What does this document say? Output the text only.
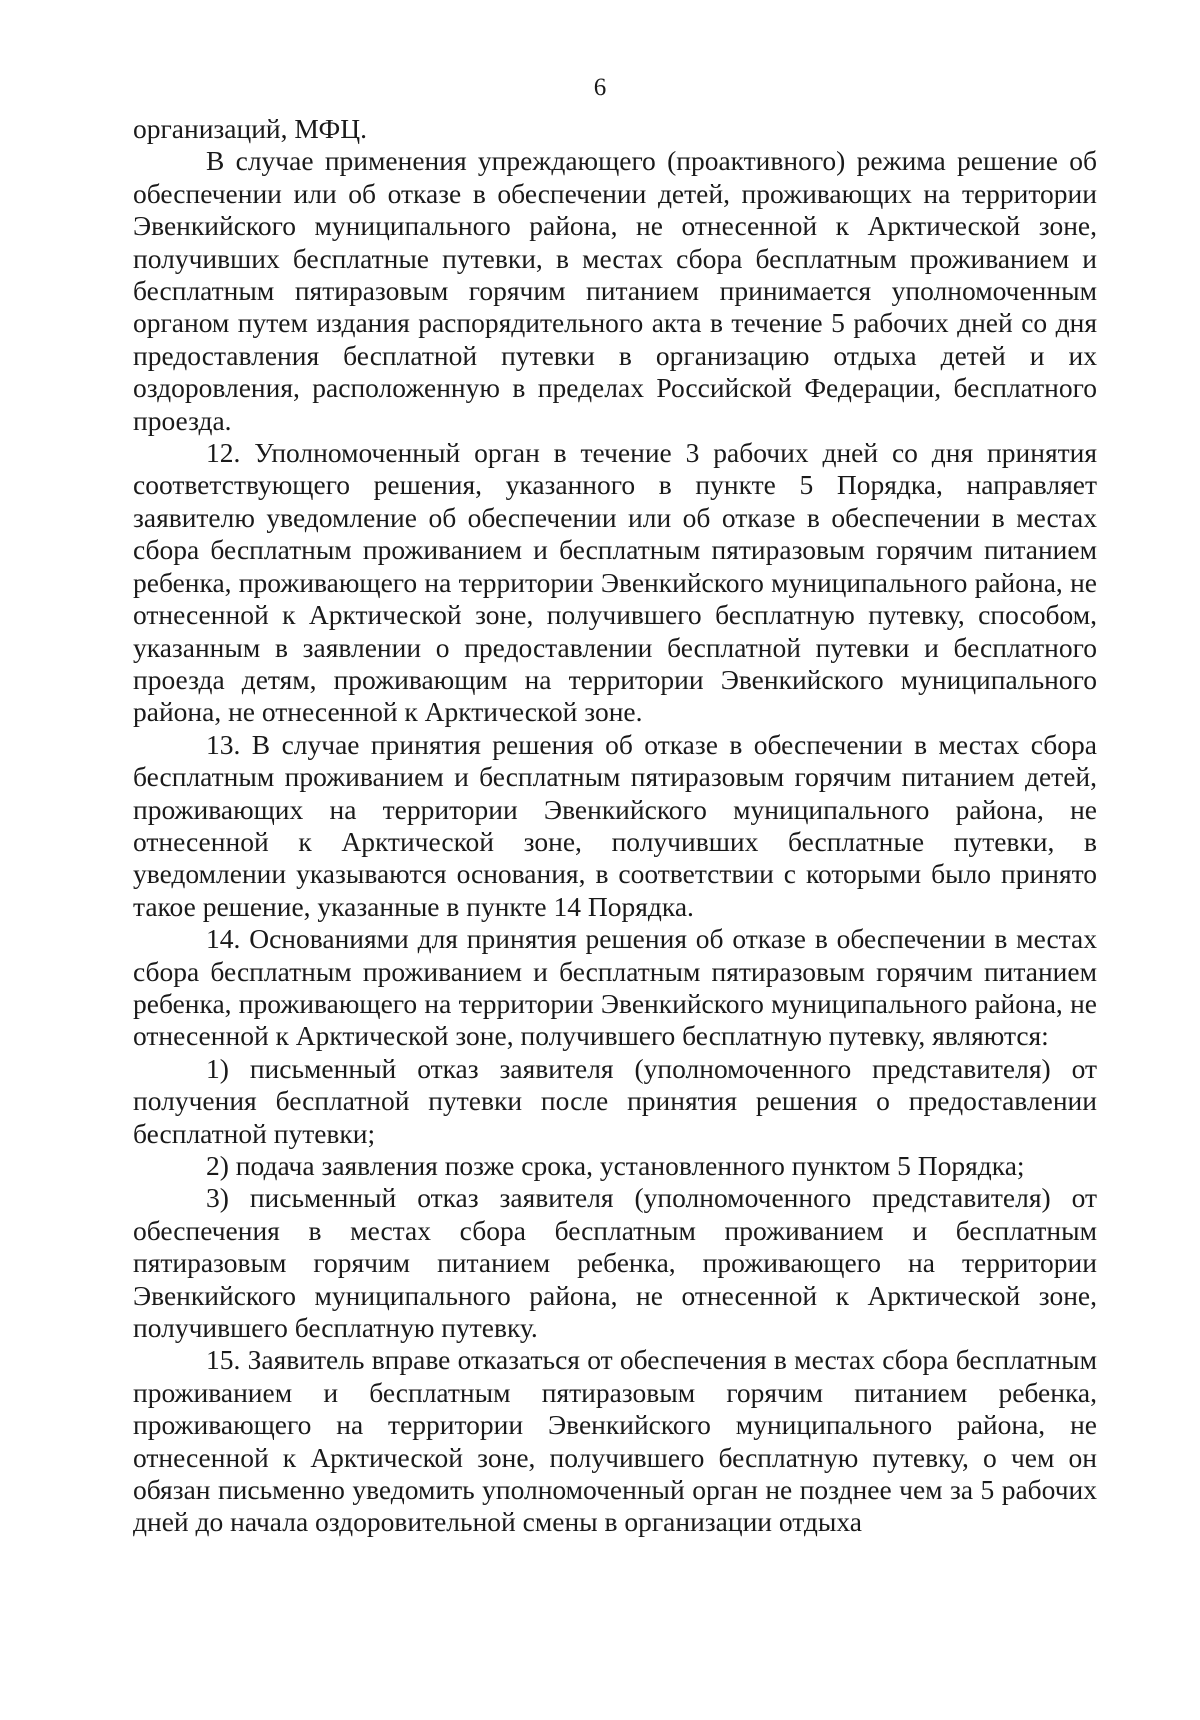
6

организаций, МФЦ.

В случае применения упреждающего (проактивного) режима решение об обеспечении или об отказе в обеспечении детей, проживающих на территории Эвенкийского муниципального района, не отнесенной к Арктической зоне, получивших бесплатные путевки, в местах сбора бесплатным проживанием и бесплатным пятиразовым горячим питанием принимается уполномоченным органом путем издания распорядительного акта в течение 5 рабочих дней со дня предоставления бесплатной путевки в организацию отдыха детей и их оздоровления, расположенную в пределах Российской Федерации, бесплатного проезда.

12. Уполномоченный орган в течение 3 рабочих дней со дня принятия соответствующего решения, указанного в пункте 5 Порядка, направляет заявителю уведомление об обеспечении или об отказе в обеспечении в местах сбора бесплатным проживанием и бесплатным пятиразовым горячим питанием ребенка, проживающего на территории Эвенкийского муниципального района, не отнесенной к Арктической зоне, получившего бесплатную путевку, способом, указанным в заявлении о предоставлении бесплатной путевки и бесплатного проезда детям, проживающим на территории Эвенкийского муниципального района, не отнесенной к Арктической зоне.

13. В случае принятия решения об отказе в обеспечении в местах сбора бесплатным проживанием и бесплатным пятиразовым горячим питанием детей, проживающих на территории Эвенкийского муниципального района, не отнесенной к Арктической зоне, получивших бесплатные путевки, в уведомлении указываются основания, в соответствии с которыми было принято такое решение, указанные в пункте 14 Порядка.

14. Основаниями для принятия решения об отказе в обеспечении в местах сбора бесплатным проживанием и бесплатным пятиразовым горячим питанием ребенка, проживающего на территории Эвенкийского муниципального района, не отнесенной к Арктической зоне, получившего бесплатную путевку, являются:

1) письменный отказ заявителя (уполномоченного представителя) от получения бесплатной путевки после принятия решения о предоставлении бесплатной путевки;

2) подача заявления позже срока, установленного пунктом 5 Порядка;

3) письменный отказ заявителя (уполномоченного представителя) от обеспечения в местах сбора бесплатным проживанием и бесплатным пятиразовым горячим питанием ребенка, проживающего на территории Эвенкийского муниципального района, не отнесенной к Арктической зоне, получившего бесплатную путевку.

15. Заявитель вправе отказаться от обеспечения в местах сбора бесплатным проживанием и бесплатным пятиразовым горячим питанием ребенка, проживающего на территории Эвенкийского муниципального района, не отнесенной к Арктической зоне, получившего бесплатную путевку, о чем он обязан письменно уведомить уполномоченный орган не позднее чем за 5 рабочих дней до начала оздоровительной смены в организации отдыха
